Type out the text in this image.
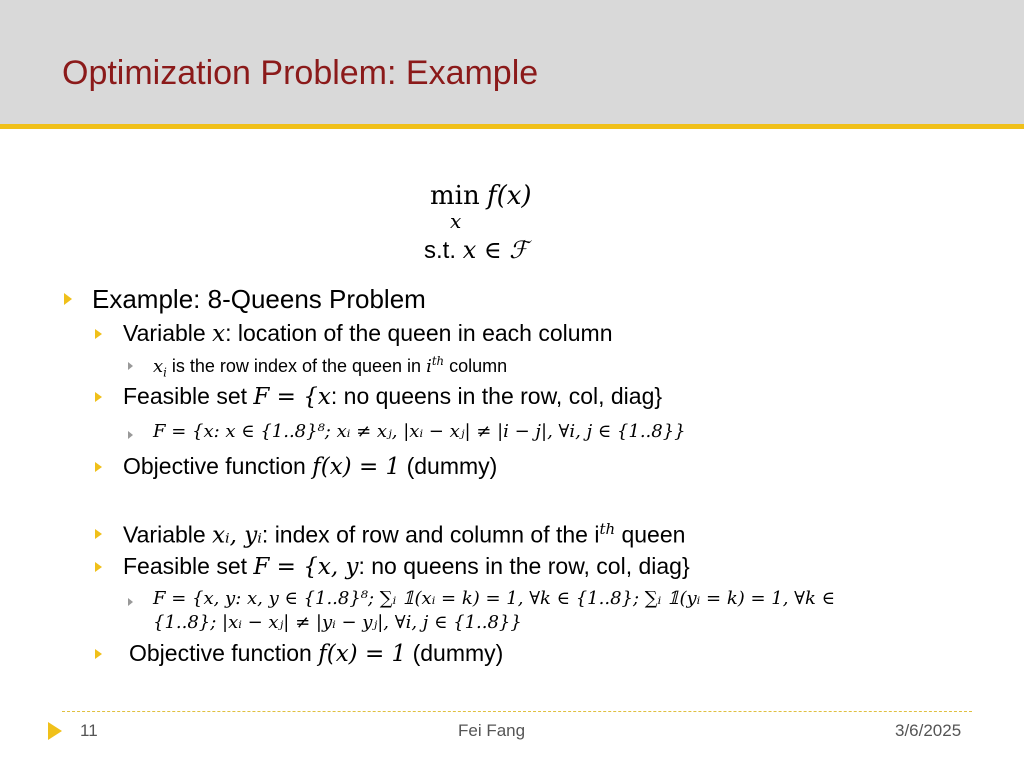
Optimization Problem: Example
min
x
f(x)
s.t. x ∈ ℱ
Example: 8-Queens Problem
Variable x: location of the queen in each column
$x_i$ is the row index of the queen in $i^{th}$ column
Feasible set F = {x: no queens in the row, col, diag}
F = {x: x ∈ {1..8}⁸; xᵢ ≠ xⱼ, |xᵢ − xⱼ| ≠ |i − j|, ∀i, j ∈ {1..8}}
Objective function f(x) = 1 (dummy)
Variable xᵢ, yᵢ: index of row and column of the $i^{th}$ queen
Feasible set F = {x, y: no queens in the row, col, diag}
F = {x, y: x, y ∈ {1..8}⁸; ∑ᵢ 𝟙(xᵢ = k) = 1, ∀k ∈ {1..8}; ∑ᵢ 𝟙(yᵢ = k) = 1, ∀k ∈
{1..8}; |xᵢ − xⱼ| ≠ |yᵢ − yⱼ|, ∀i, j ∈ {1..8}}
Objective function f(x) = 1 (dummy)
11	Fei Fang	3/6/2025
